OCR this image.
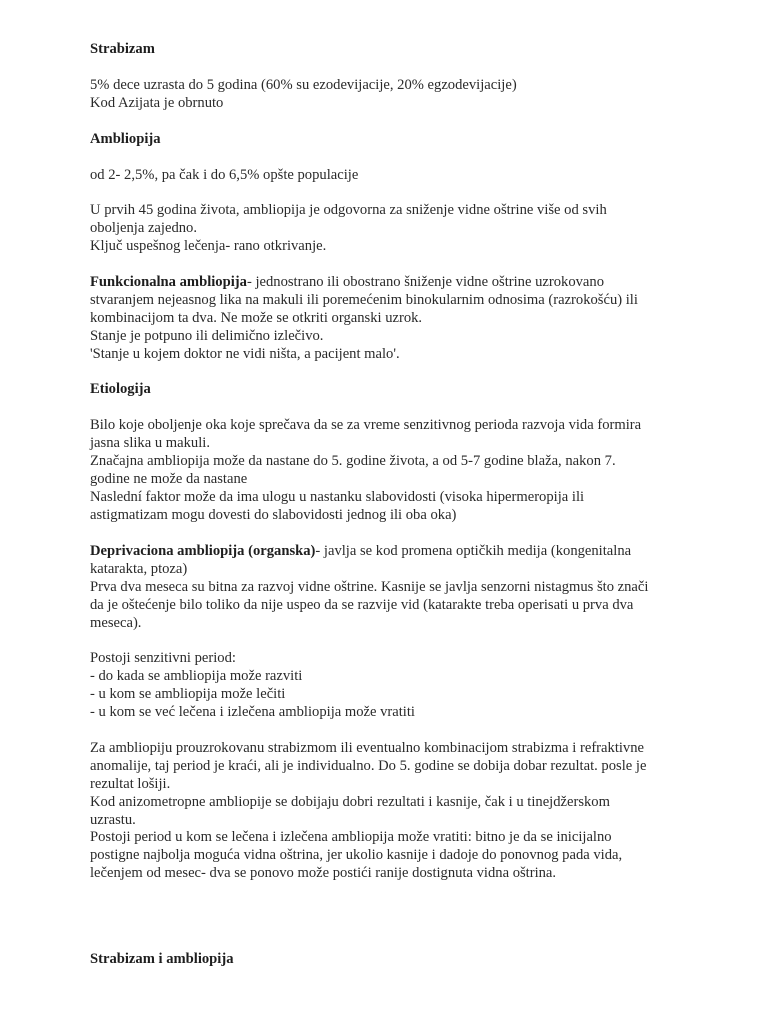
Strabizam
5% dece uzrasta do 5 godina (60% su ezodevijacije, 20% egzodevijacije)
Kod Azijata je obrnuto
Ambliopija
od 2- 2,5%, pa čak i do 6,5% opšte populacije
U prvih 45 godina života, ambliopija je odgovorna za sniženje vidne oštrine više od svih
oboljenja zajedno.
Ključ uspešnog lečenja- rano otkrivanje.
Funkcionalna ambliopija- jednostrano ili obostrano šniženje vidne oštrine uzrokovano
stvaranjem nejeasnog lika na makuli ili poremećenim binokularnim odnosima (razrokošću) ili
kombinacijom ta dva. Ne može se otkriti organski uzrok.
Stanje je potpuno ili delimično izlečivo.
'Stanje u kojem doktor ne vidi ništa, a pacijent malo'.
Etiologija
Bilo koje oboljenje oka koje sprečava da se za vreme senzitivnog perioda razvoja vida formira
jasna slika u makuli.
Značajna ambliopija može da nastane do 5. godine života, a od 5-7 godine blaža, nakon 7.
godine ne može da nastane
Naslední faktor može da ima ulogu u nastanku slabovidosti (visoka hipermeropija ili
astigmatizam mogu dovesti do slabovidosti jednog ili oba oka)
Deprivaciona ambliopija (organska)- javlja se kod promena optičkih medija (kongenitalna
katarakta, ptoza)
Prva dva meseca su bitna za razvoj vidne oštrine. Kasnije se javlja senzorni nistagmus što znači
da je oštećenje bilo toliko da nije uspeo da se razvije vid (katarakte treba operisati u prva dva
meseca).
Postoji senzitivni period:
- do kada se ambliopija može razviti
- u kom se ambliopija može lečiti
- u kom se već lečena i izlečena ambliopija može vratiti
Za ambliopiju prouzrokovanu strabizmom ili eventualno kombinacijom strabizma i refraktivne
anomalije, taj period je kraći, ali je individualno. Do 5. godine se dobija dobar rezultat. posle je
rezultat lošiji.
Kod anizometropne ambliopije se dobijaju dobri rezultati i kasnije, čak i u tinejdžerskom
uzrastu.
Postoji period u kom se lečena i izlečena ambliopija može vratiti: bitno je da se inicijalno
postigne najbolja moguća vidna oštrina, jer ukolio kasnije i dadoje do ponovnog pada vida,
lečenjem od mesec- dva se ponovo može postići ranije dostignuta vidna oštrina.
Strabizam i ambliopija
